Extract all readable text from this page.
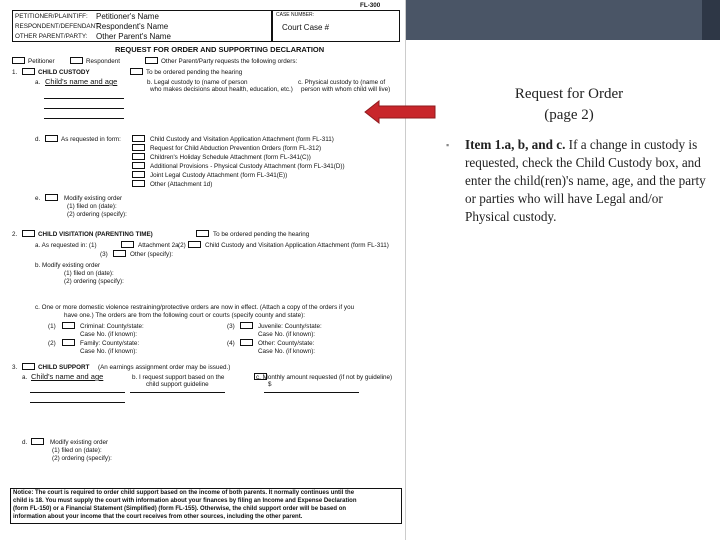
FL-300
PETITIONER/PLAINTIFF: Petitioner's Name
RESPONDENT/DEFENDANT:
Respondent's Name
OTHER PARENT/PARTY: Other Parent's Name
CASE NUMBER:
Court Case #
REQUEST FOR ORDER AND SUPPORTING DECLARATION
Petitioner	Respondent	Other Parent/Party requests the following orders:
1.	CHILD CUSTODY	To be ordered pending the hearing
a. Child's name and age	b. Legal custody to (name of person
who makes decisions about health, education, etc.)
c. Physical custody to (name of
person with whom child will live)
d.	As requested in form:	Child Custody and Visitation Application Attachment (form FL-311)
Request for Child Abduction Prevention Orders (form FL-312)
Children's Holiday Schedule Attachment (form FL-341(C))
Additional Provisions - Physical Custody Attachment (form FL-341(D))
Joint Legal Custody Attachment (form FL-341(E))
Other (Attachment 1d)
e.	Modify existing order
(1) filed on (date):
(2) ordering (specify):
2.	CHILD VISITATION (PARENTING TIME)	To be ordered pending the hearing
a. As requested in: (1)	Attachment 2a (2)	Child Custody and Visitation Application Attachment (form FL-311)
(3)	Other (specify):
b. Modify existing order
(1) filed on (date):
(2) ordering (specify):
c. One or more domestic violence restraining/protective orders are now in effect. (Attach a copy of the orders if you
have one.) The orders are from the following court or courts (specify county and state):
(1)	Criminal: County/state:
Case No. (if known):
(2)	Family: County/state:
Case No. (if known):
(3)	Juvenile: County/state:
Case No. (if known):
(4)	Other: County/state:
Case No. (if known):
3.	CHILD SUPPORT (An earnings assignment order may be issued.)
a. Child's name and age	b. I request support based on the
child support guideline
c. Monthly amount requested (if not by guideline)
$
d.	Modify existing order
(1) filed on (date):
(2) ordering (specify):
Notice: The court is required to order child support based on the income of both parents. It normally continues until the
child is 18. You must supply the court with information about your finances by filing an Income and Expense Declaration
(form FL-150) or a Financial Statement (Simplified) (form FL-155). Otherwise, the child support order will be based on
information about your income that the court receives from other sources, including the other parent.
Request for Order
(page 2)
▪ Item 1.a, b, and c. If a change in custody is requested, check the Child Custody box, and enter the child(ren)'s name, age, and the party or parties who will have Legal and/or Physical custody.
